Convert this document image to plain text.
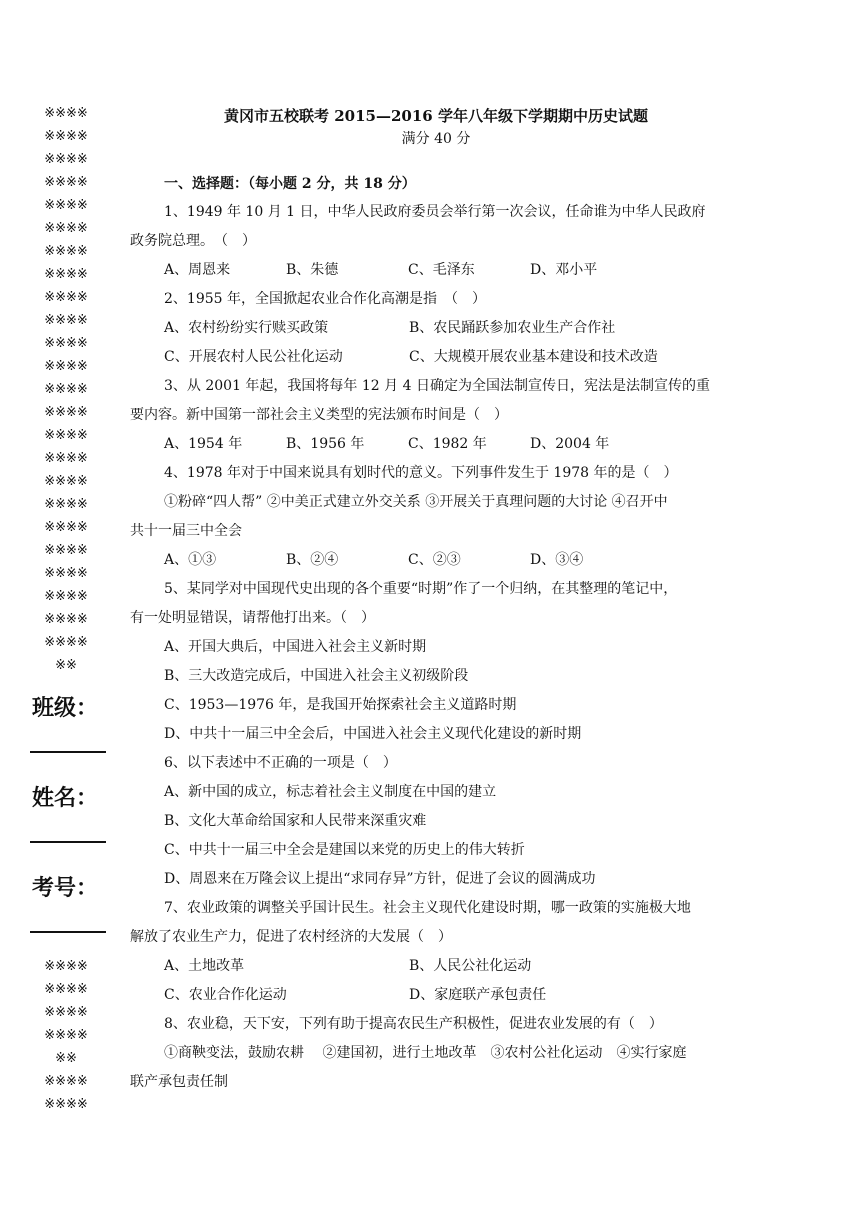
※※※※
※※※※
※※※※
※※※※
※※※※
※※※※
※※※※
※※※※
※※※※
※※※※
※※※※
※※※※
※※※※
※※※※
※※※※
※※※※
※※※※
※※※※
※※※※
※※※※
※※※※
※※※※
※※※※
※※※※
※※
班级：
姓名：
考号：
※※※※
※※※※
※※※※
※※※※
※※
※※※※
※※※※
黄冈市五校联考 2015—2016 学年八年级下学期期中历史试题
满分 40 分
一、选择题：（每小题 2 分，共 18 分）

1、1949 年 10 月 1 日，中华人民政府委员会举行第一次会议，任命谁为中华人民政府

政务院总理。　（　）

A、周恩来	B、朱德	C、毛泽东	D、邓小平

2、1955 年，全国掀起农业合作化高潮是指　（　）

A、农村纷纷实行赎买政策	B、农民踊跃参加农业生产合作社
C、开展农村人民公社化运动	C、大规模开展农业基本建设和技术改造

3、从 2001 年起，我国将每年 12 月 4 日确定为全国法制宣传日，宪法是法制宣传的重

要内容。新中国第一部社会主义类型的宪法颁布时间是（　）

A、1954 年	B、1956 年	C、1982 年	D、2004 年

4、1978 年对于中国来说具有划时代的意义。下列事件发生于 1978 年的是（　）

①粉碎“四人帮” ②中美正式建立外交关系 ③开展关于真理问题的大讨论 ④召开中

共十一届三中全会

A、①③	B、②④	C、②③	D、③④

5、某同学对中国现代史出现的各个重要“时期”作了一个归纳，在其整理的笔记中，

有一处明显错误，请帮他打出来。（　）

A、开国大典后，中国进入社会主义新时期
B、三大改造完成后，中国进入社会主义初级阶段
C、1953—1976 年，是我国开始探索社会主义道路时期
D、中共十一届三中全会后，中国进入社会主义现代化建设的新时期

6、以下表述中不正确的一项是（　）

A、新中国的成立，标志着社会主义制度在中国的建立
B、文化大革命给国家和人民带来深重灾难
C、中共十一届三中全会是建国以来党的历史上的伟大转折
D、周恩来在万隆会议上提出“求同存异”方针，促进了会议的圆满成功

7、农业政策的调整关乎国计民生。社会主义现代化建设时期，哪一政策的实施极大地

解放了农业生产力，促进了农村经济的大发展（　）

A、土地改革	B、人民公社化运动
C、农业合作化运动	D、家庭联产承包责任

8、农业稳，天下安，下列有助于提高农民生产积极性，促进农业发展的有（　）

①商鞅变法，鼓励农耕　 ②建国初，进行土地改革　③农村公社化运动　④实行家庭

联产承包责任制
